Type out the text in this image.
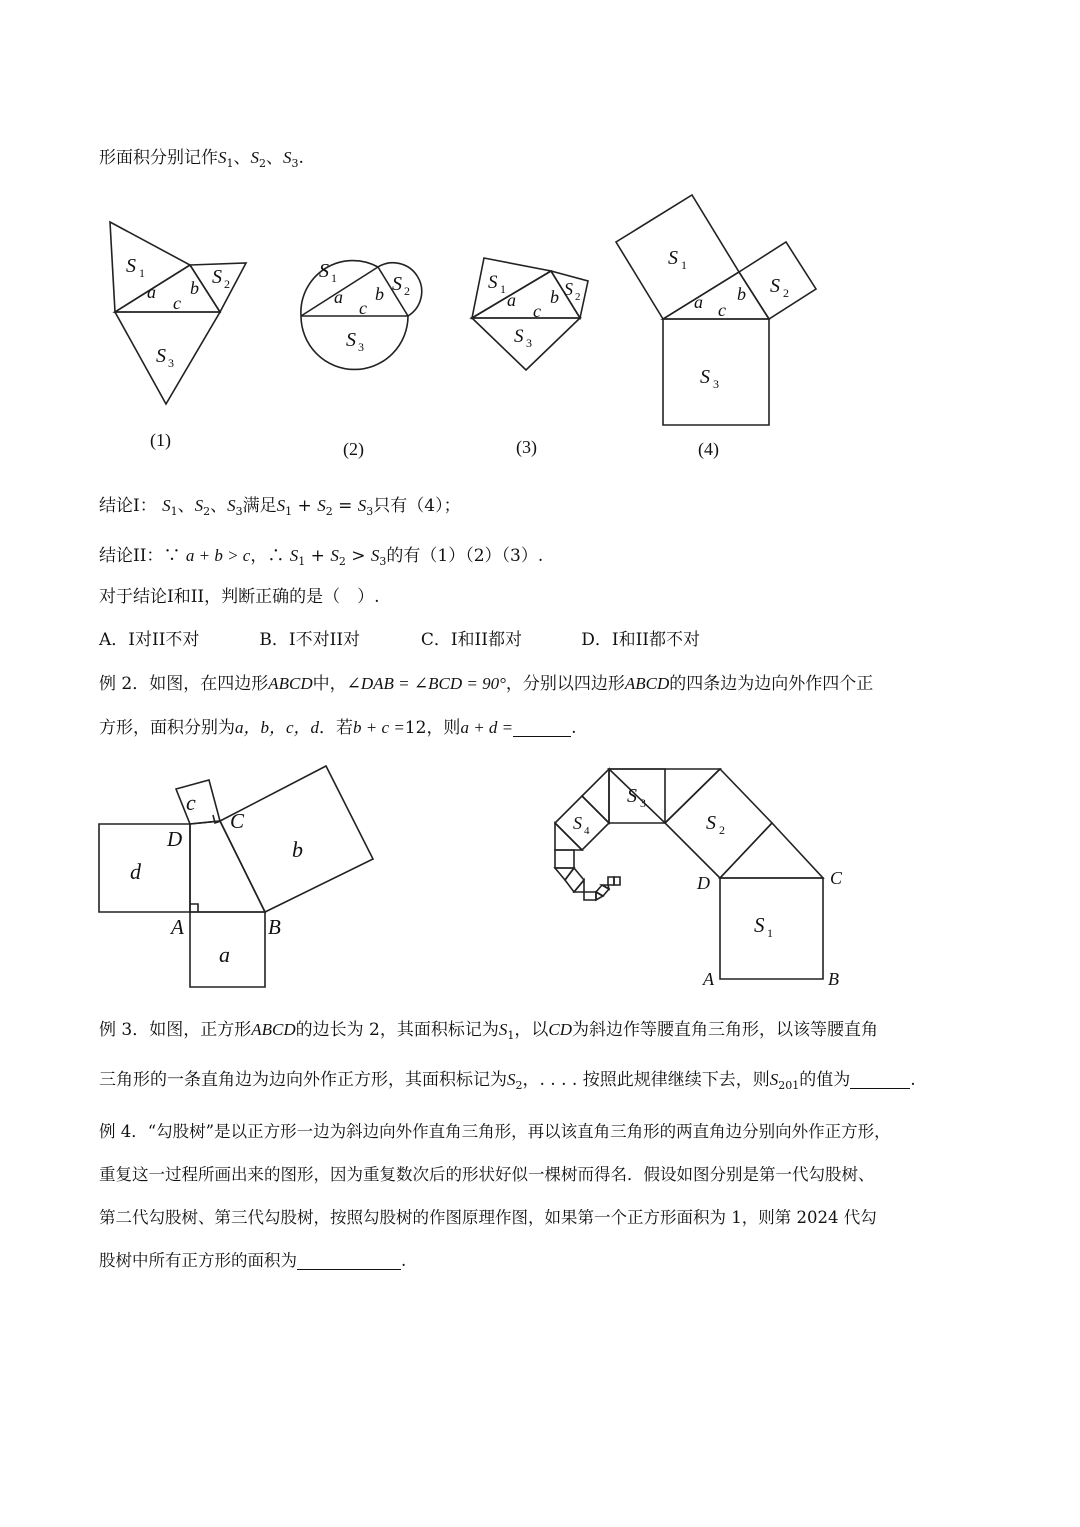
形面积分别记作$S_1$、$S_2$、$S_3$.
S 1	S 2
a b
c
S 3
(1)
S 1	S 2
a b
c
S 3
(2)
S 1	S 2
a b
c
S 3
(3)
S 1
S 2
a b
c
S 3
(4)
结论I： $S_1$、$S_2$、$S_3$满足$S_1 + S_2 = S_3$只有（4）；
结论II：∵ a + b > c，∴ $S_1 + S_2 > S_3$的有（1）（2）（3）.
对于结论I和II，判断正确的是（　）.
A．I对II不对	B．I不对II对	C．I和II都对	D．I和II都不对
例 2．如图，在四边形ABCD中，∠DAB = ∠BCD = 90°，分别以四边形ABCD的四条边为边向外作四个正
方形，面积分别为a，b，c，d．若b + c =12，则a + d =	.
c
D
C
b
d
A	B
a
S 1
S 2
S 3
S 4
D	C
A	B
例 3．如图，正方形ABCD的边长为 2，其面积标记为$S_1$，以CD为斜边作等腰直角三角形，以该等腰直角
三角形的一条直角边为边向外作正方形，其面积标记为$S_2$，. . . . 按照此规律继续下去，则$S_{201}$的值为	.
例 4．“勾股树”是以正方形一边为斜边向外作直角三角形，再以该直角三角形的两直角边分别向外作正方形，
重复这一过程所画出来的图形，因为重复数次后的形状好似一棵树而得名．假设如图分别是第一代勾股树、
第二代勾股树、第三代勾股树，按照勾股树的作图原理作图，如果第一个正方形面积为 1，则第 2024 代勾
股树中所有正方形的面积为	.
